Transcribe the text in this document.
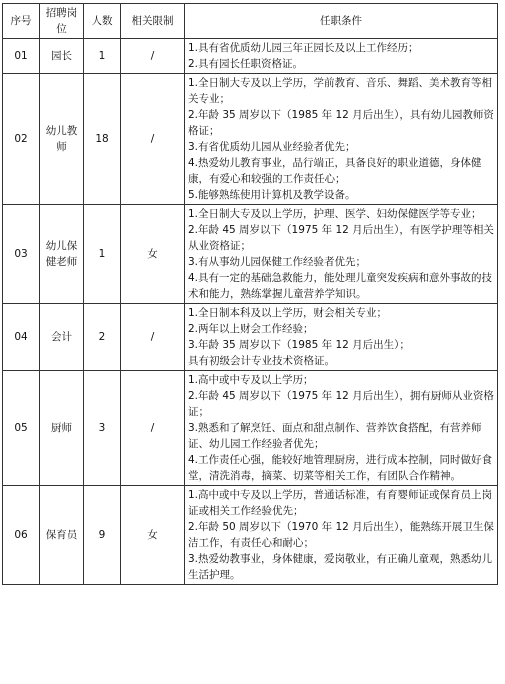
序号	招聘岗位	人数	相关限制	任职条件
01	园长	1	/	1.具有省优质幼儿园三年正园长及以上工作经历；
2.具有园长任职资格证。

02	幼儿教师	18	/	1.全日制大专及以上学历，学前教育、音乐、舞蹈、美术教育等相关专业；
2.年龄 35 周岁以下（1985 年 12 月后出生），具有幼儿园教师资格证；
3.有省优质幼儿园从业经验者优先；
4.热爱幼儿教育事业，品行端正，具备良好的职业道德，身体健康，有爱心和较强的工作责任心；
5.能够熟练使用计算机及教学设备。

03	幼儿保健老师	1	女	1.全日制大专及以上学历，护理、医学、妇幼保健医学等专业；
2.年龄 45 周岁以下（1975 年 12 月后出生），有医学护理等相关从业资格证；
3.有从事幼儿园保健工作经验者优先；
4.具有一定的基础急救能力，能处理儿童突发疾病和意外事故的技术和能力，熟练掌握儿童营养学知识。

04	会计	2	/	1.全日制本科及以上学历，财会相关专业；
2.两年以上财会工作经验；
3.年龄 35 周岁以下（1985 年 12 月后出生）；
具有初级会计专业技术资格证。

05	厨师	3	/	1.高中或中专及以上学历；
2.年龄 45 周岁以下（1975 年 12 月后出生），拥有厨师从业资格证；
3.熟悉和了解烹饪、面点和甜点制作、营养饮食搭配，有营养师证、幼儿园工作经验者优先；
4.工作责任心强，能较好地管理厨房，进行成本控制，同时做好食堂，清洗消毒，摘菜、切菜等相关工作，有团队合作精神。

06	保育员	9	女	1.高中或中专及以上学历，普通话标准，有育婴师证或保育员上岗证或相关工作经验优先；
2.年龄 50 周岁以下（1970 年 12 月后出生），能熟练开展卫生保洁工作，有责任心和耐心；
3.热爱幼教事业，身体健康，爱岗敬业，有正确儿童观，熟悉幼儿生活护理。
